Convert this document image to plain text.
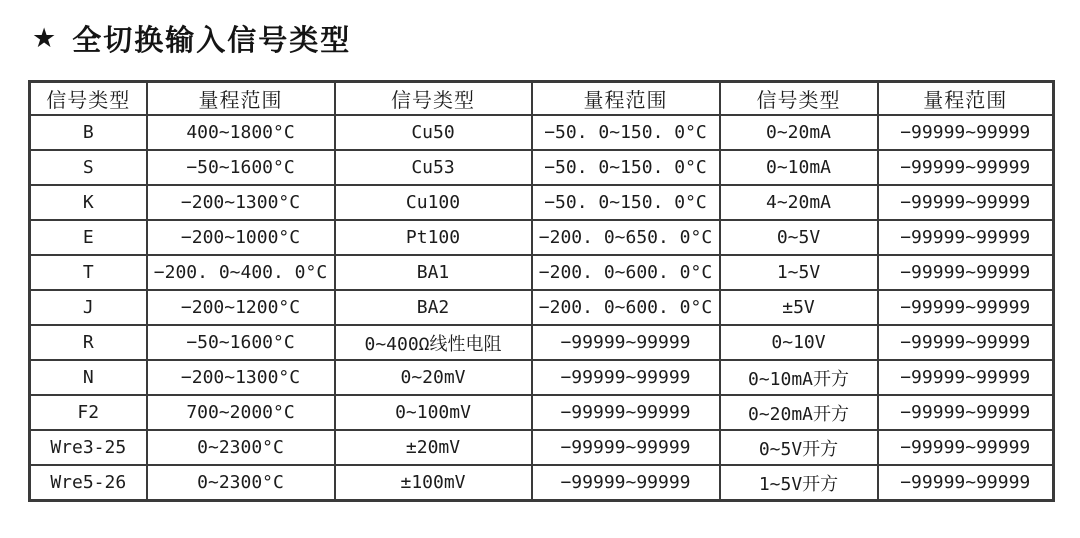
★ 全切换输入信号类型
信号类型	量程范围	信号类型	量程范围	信号类型	量程范围
B	400~1800°C	Cu50	−50. 0~150. 0°C	0~20mA	−99999~99999
S	−50~1600°C	Cu53	−50. 0~150. 0°C	0~10mA	−99999~99999
K	−200~1300°C	Cu100	−50. 0~150. 0°C	4~20mA	−99999~99999
E	−200~1000°C	Pt100	−200. 0~650. 0°C	0~5V	−99999~99999
T	−200. 0~400. 0°C	BA1	−200. 0~600. 0°C	1~5V	−99999~99999
J	−200~1200°C	BA2	−200. 0~600. 0°C	±5V	−99999~99999
R	−50~1600°C	0~400Ω线性电阻	−99999~99999	0~10V	−99999~99999
N	−200~1300°C	0~20mV	−99999~99999	0~10mA开方	−99999~99999
F2	700~2000°C	0~100mV	−99999~99999	0~20mA开方	−99999~99999
Wre3-25	0~2300°C	±20mV	−99999~99999	0~5V开方	−99999~99999
Wre5-26	0~2300°C	±100mV	−99999~99999	1~5V开方	−99999~99999
